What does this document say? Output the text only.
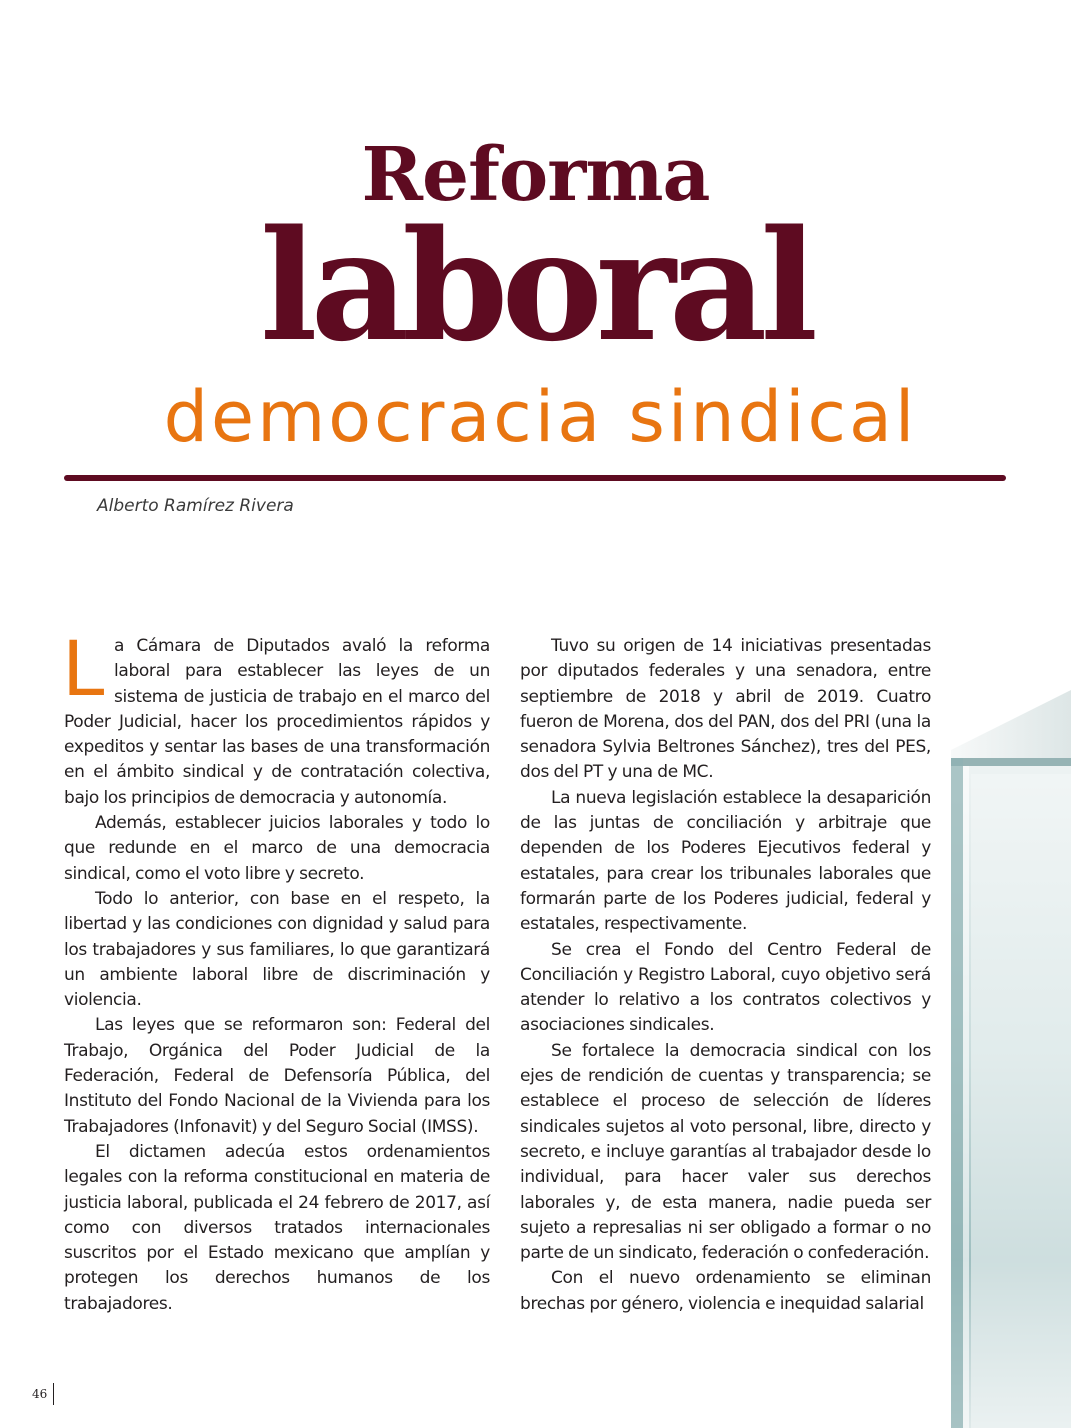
Reforma
laboral
democracia sindical
Alberto Ramírez Rivera

La Cámara de Diputados avaló la reforma laboral para establecer las leyes de un sistema de justicia de trabajo en el marco del Poder Judicial, hacer los procedimientos rápidos y expeditos y sentar las bases de una transformación en el ámbito sindical y de contratación colectiva, bajo los principios de democracia y autonomía.

Además, establecer juicios laborales y todo lo que redunde en el marco de una democracia sindical, como el voto libre y secreto.

Todo lo anterior, con base en el respeto, la libertad y las condiciones con dignidad y salud para los trabajadores y sus familiares, lo que garantizará un ambiente laboral libre de discriminación y violencia.

Las leyes que se reformaron son: Federal del Trabajo, Orgánica del Poder Judicial de la Federación, Federal de Defensoría Pública, del Instituto del Fondo Nacional de la Vivienda para los Trabajadores (Infonavit) y del Seguro Social (IMSS).

El dictamen adecúa estos ordenamientos legales con la reforma constitucional en materia de justicia laboral, publicada el 24 febrero de 2017, así como con diversos tratados internacionales suscritos por el Estado mexicano que amplían y protegen los derechos humanos de los trabajadores.

Tuvo su origen de 14 iniciativas presentadas por diputados federales y una senadora, entre septiembre de 2018 y abril de 2019. Cuatro fueron de Morena, dos del PAN, dos del PRI (una la senadora Sylvia Beltrones Sánchez), tres del PES, dos del PT y una de MC.

La nueva legislación establece la desaparición de las juntas de conciliación y arbitraje que dependen de los Poderes Ejecutivos federal y estatales, para crear los tribunales laborales que formarán parte de los Poderes judicial, federal y estatales, respectivamente.

Se crea el Fondo del Centro Federal de Conciliación y Registro Laboral, cuyo objetivo será atender lo relativo a los contratos colectivos y asociaciones sindicales.

Se fortalece la democracia sindical con los ejes de rendición de cuentas y transparencia; se establece el proceso de selección de líderes sindicales sujetos al voto personal, libre, directo y secreto, e incluye garantías al trabajador desde lo individual, para hacer valer sus derechos laborales y, de esta manera, nadie pueda ser sujeto a represalias ni ser obligado a formar o no parte de un sindicato, federación o confederación.

Con el nuevo ordenamiento se eliminan brechas por género, violencia e inequidad salarial

46
